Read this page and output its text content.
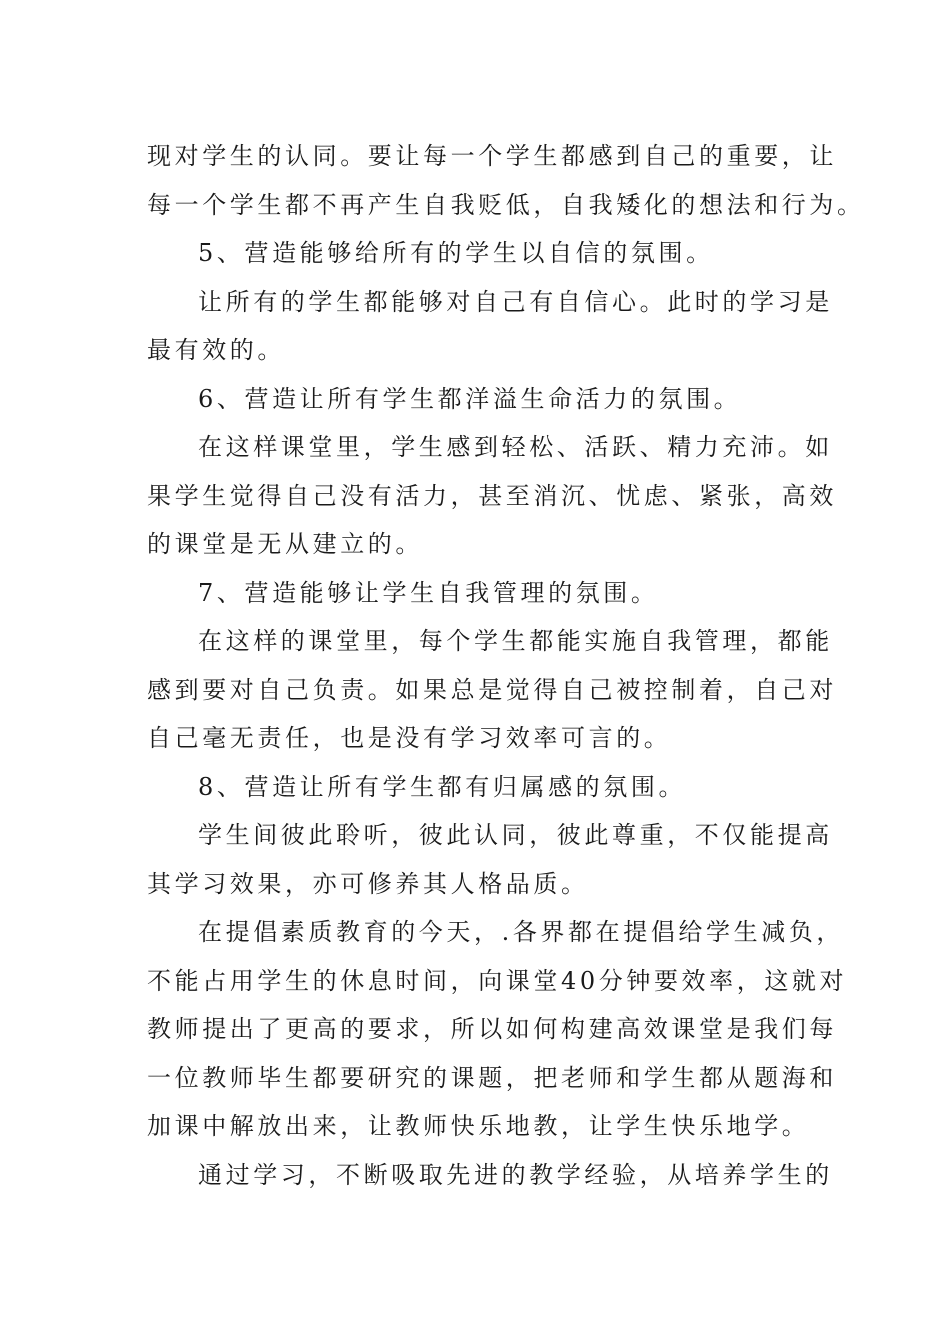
现对学生的认同。要让每一个学生都感到自己的重要，让
每一个学生都不再产生自我贬低，自我矮化的想法和行为。
5、营造能够给所有的学生以自信的氛围。
让所有的学生都能够对自己有自信心。此时的学习是
最有效的。
6、营造让所有学生都洋溢生命活力的氛围。
在这样课堂里，学生感到轻松、活跃、精力充沛。如
果学生觉得自己没有活力，甚至消沉、忧虑、紧张，高效
的课堂是无从建立的。
7、营造能够让学生自我管理的氛围。
在这样的课堂里，每个学生都能实施自我管理，都能
感到要对自己负责。如果总是觉得自己被控制着，自己对
自己毫无责任，也是没有学习效率可言的。
8、营造让所有学生都有归属感的氛围。
学生间彼此聆听，彼此认同，彼此尊重，不仅能提高
其学习效果，亦可修养其人格品质。
在提倡素质教育的今天，.各界都在提倡给学生减负，
不能占用学生的休息时间，向课堂40分钟要效率，这就对
教师提出了更高的要求，所以如何构建高效课堂是我们每
一位教师毕生都要研究的课题，把老师和学生都从题海和
加课中解放出来，让教师快乐地教，让学生快乐地学。
通过学习，不断吸取先进的教学经验，从培养学生的
